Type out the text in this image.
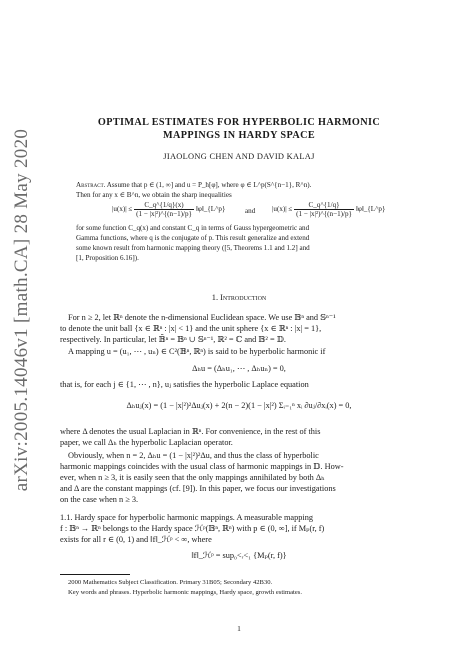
arXiv:2005.14046v1 [math.CA] 28 May 2020
OPTIMAL ESTIMATES FOR HYPERBOLIC HARMONIC
MAPPINGS IN HARDY SPACE
JIAOLONG CHEN AND DAVID KALAJ
Abstract. Assume that p ∈ (1, ∞] and u = P_h[φ], where φ ∈ L^p(S^{n−1}, R^n).
Then for any x ∈ B^n, we obtain the sharp inequalities
$|u(x)| \le \frac{C\_q\^{}\{1/q\}(x)}{\text{(1 − |x|²)\textasciicircum{}\{(n−1)/p\}}}$ ‖φ‖_{L^p}	and $|u(x)| \le \frac{C\_q\^{}\{1/q\}}{\text{(1 − |x|²)\textasciicircum{}\{(n−1)/p\}}}$ ‖φ‖_{L^p}
for some function C_q(x) and constant C_q in terms of Gauss hypergeometric and
Gamma functions, where q is the conjugate of p. This result generalize and extend
some known result from harmonic mapping theory ([5, Theorems 1.1 and 1.2] and
[1, Proposition 6.16]).
1. Introduction
For n ≥ 2, let ℝⁿ denote the n-dimensional Euclidean space. We use 𝔹ⁿ and 𝕊ⁿ⁻¹
to denote the unit ball {x ∈ ℝⁿ : |x| < 1} and the unit sphere {x ∈ ℝⁿ : |x| = 1},
respectively. In particular, let 𝔹̄ⁿ = 𝔹ⁿ ∪ 𝕊ⁿ⁻¹, ℝ² = ℂ and 𝔹² = 𝔻.
A mapping u = (u₁, ⋯ , uₙ) ∈ C²(𝔹ⁿ, ℝⁿ) is said to be hyperbolic harmonic if
Δₕu = (Δₕu₁, ⋯ , Δₕuₙ) = 0,
that is, for each j ∈ {1, ⋯ , n}, uⱼ satisfies the hyperbolic Laplace equation
Δₕuⱼ(x) = (1 − |x|²)²Δuⱼ(x) + 2(n − 2)(1 − |x|²) Σᵢ₌₁ⁿ xᵢ ∂uⱼ/∂xᵢ(x) = 0,
where Δ denotes the usual Laplacian in ℝⁿ. For convenience, in the rest of this
paper, we call Δₕ the hyperbolic Laplacian operator.
Obviously, when n = 2, Δₕu = (1 − |x|²)²Δu, and thus the class of hyperbolic
harmonic mappings coincides with the usual class of harmonic mappings in 𝔻. How-
ever, when n ≥ 3, it is easily seen that the only mappings annihilated by both Δₕ
and Δ are the constant mappings (cf. [9]). In this paper, we focus our investigations
on the case when n ≥ 3.
1.1. Hardy space for hyperbolic harmonic mappings. A measurable mapping
f : 𝔹ⁿ → ℝⁿ belongs to the Hardy space ℋᵖ(𝔹ⁿ, ℝⁿ) with p ∈ (0, ∞], if Mₚ(r, f)
exists for all r ∈ (0, 1) and ‖f‖_ℋᵖ < ∞, where
‖f‖_ℋᵖ = sup₀<ᵣ<₁ {Mₚ(r, f)}
2000 Mathematics Subject Classification. Primary 31B05; Secondary 42B30.
Key words and phrases. Hyperbolic harmonic mappings, Hardy space, growth estimates.
1
